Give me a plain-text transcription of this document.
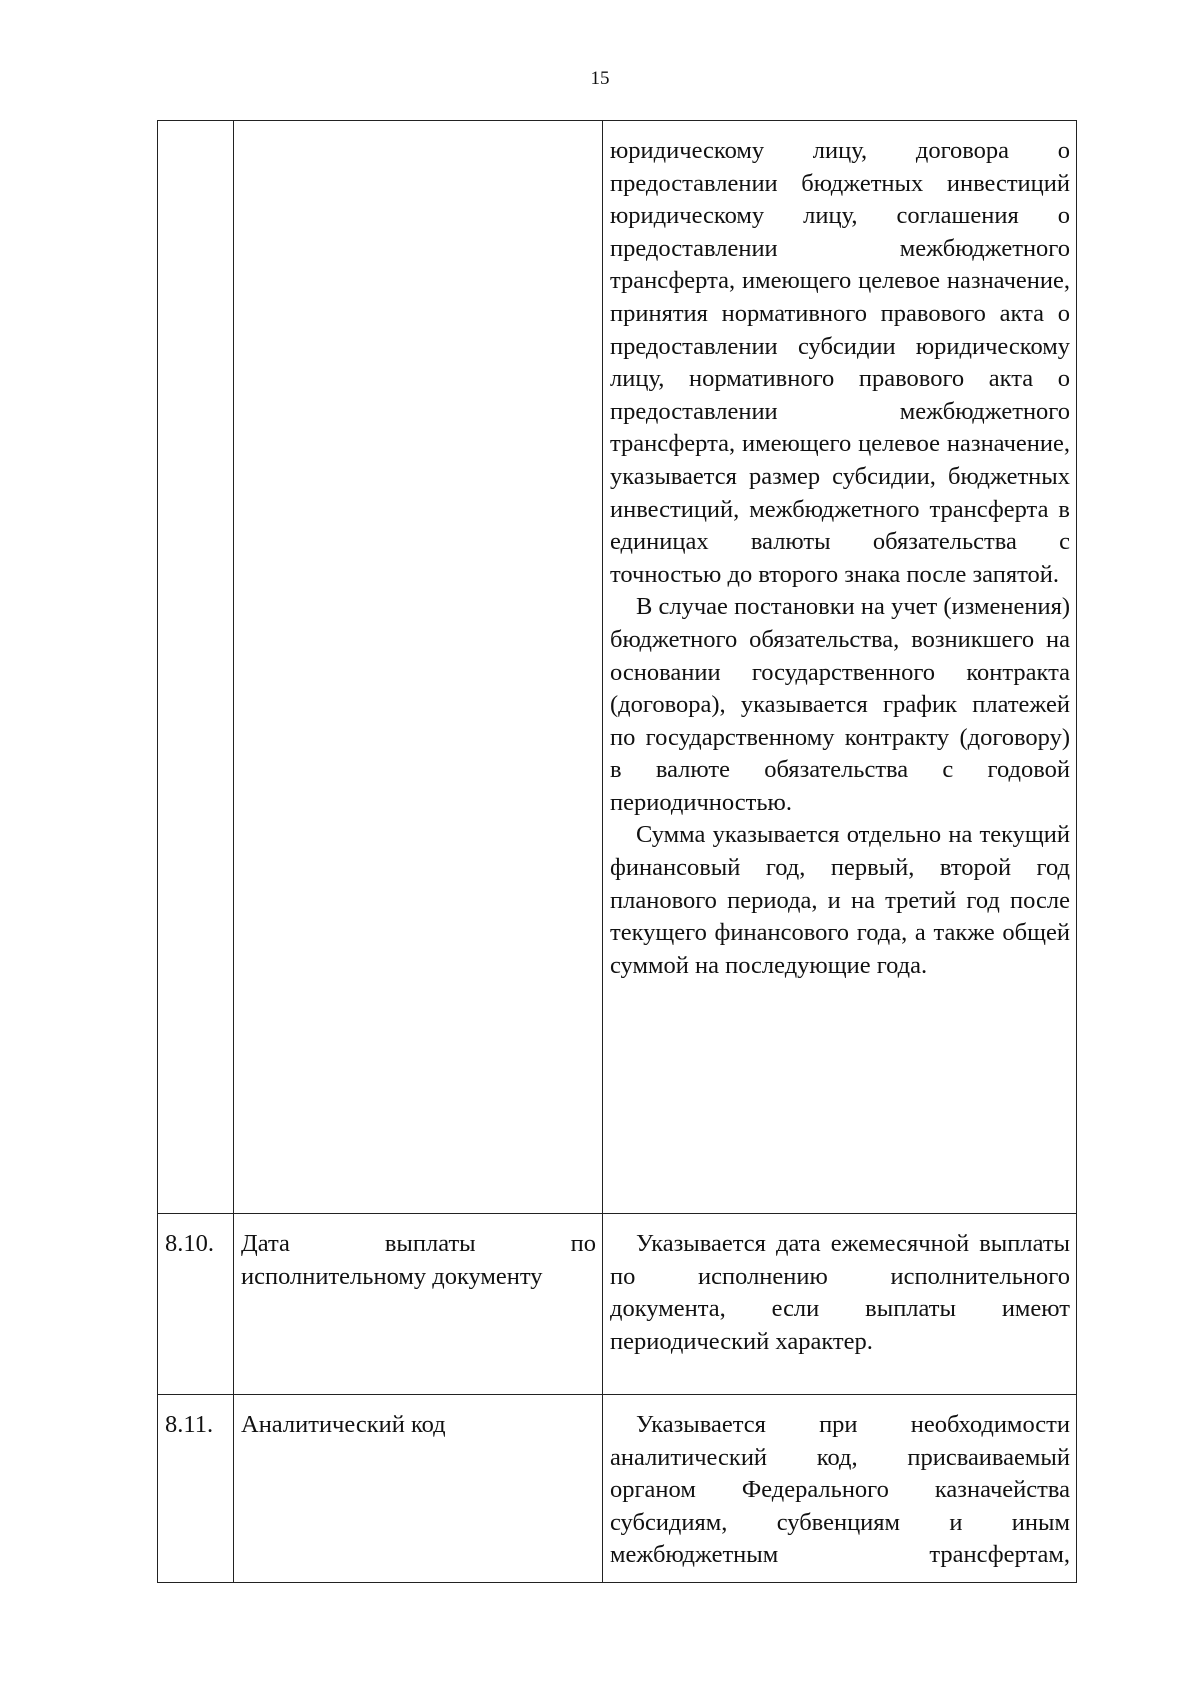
15

		юридическому лицу, договора о предоставлении бюджетных инвестиций юридическому лицу, соглашения о предоставлении межбюджетного трансферта, имеющего целевое назначение, принятия нормативного правового акта о предоставлении субсидии юридическому лицу, нормативного правового акта о предоставлении межбюджетного трансферта, имеющего целевое назначение, указывается размер субсидии, бюджетных инвестиций, межбюджетного трансферта в единицах валюты обязательства с точностью до второго знака после запятой.

В случае постановки на учет (изменения) бюджетного обязательства, возникшего на основании государственного контракта (договора), указывается график платежей по государственному контракту (договору) в валюте обязательства с годовой периодичностью.

Сумма указывается отдельно на текущий финансовый год, первый, второй год планового периода, и на третий год после текущего финансового года, а также общей суммой на последующие года.

8.10.	Дата выплаты по исполнительному документу	Указывается дата ежемесячной выплаты по исполнению исполнительного документа, если выплаты имеют периодический характер.

8.11.	Аналитический код	Указывается при необходимости аналитический код, присваиваемый органом Федерального казначейства субсидиям, субвенциям и иным межбюджетным трансфертам,
